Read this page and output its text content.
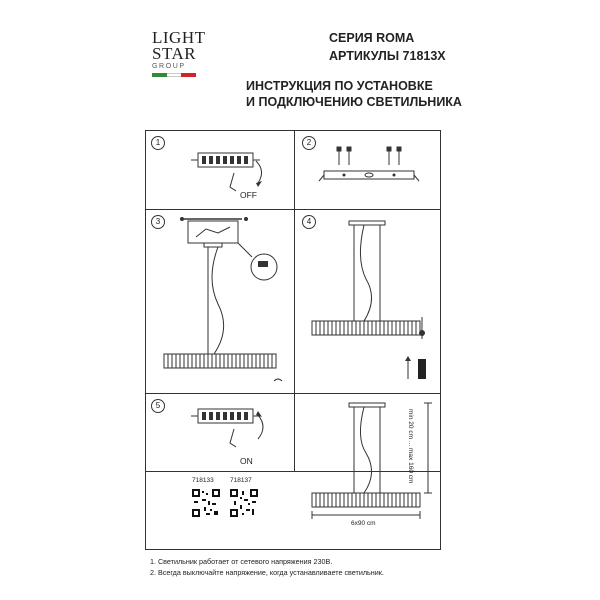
LIGHT
STAR
GROUP
СЕРИЯ ROMA
АРТИКУЛЫ 71813X
ИНСТРУКЦИЯ ПО УСТАНОВКЕ
И ПОДКЛЮЧЕНИЮ СВЕТИЛЬНИКА
1	2
3	4
5
OFF
ON	min 20 cm ... max 160 cm
6x90 cm
718133	718137
1. Светильник работает от сетевого напряжения 230В.
2. Всегда выключайте напряжение, когда устанавливаете светильник.
